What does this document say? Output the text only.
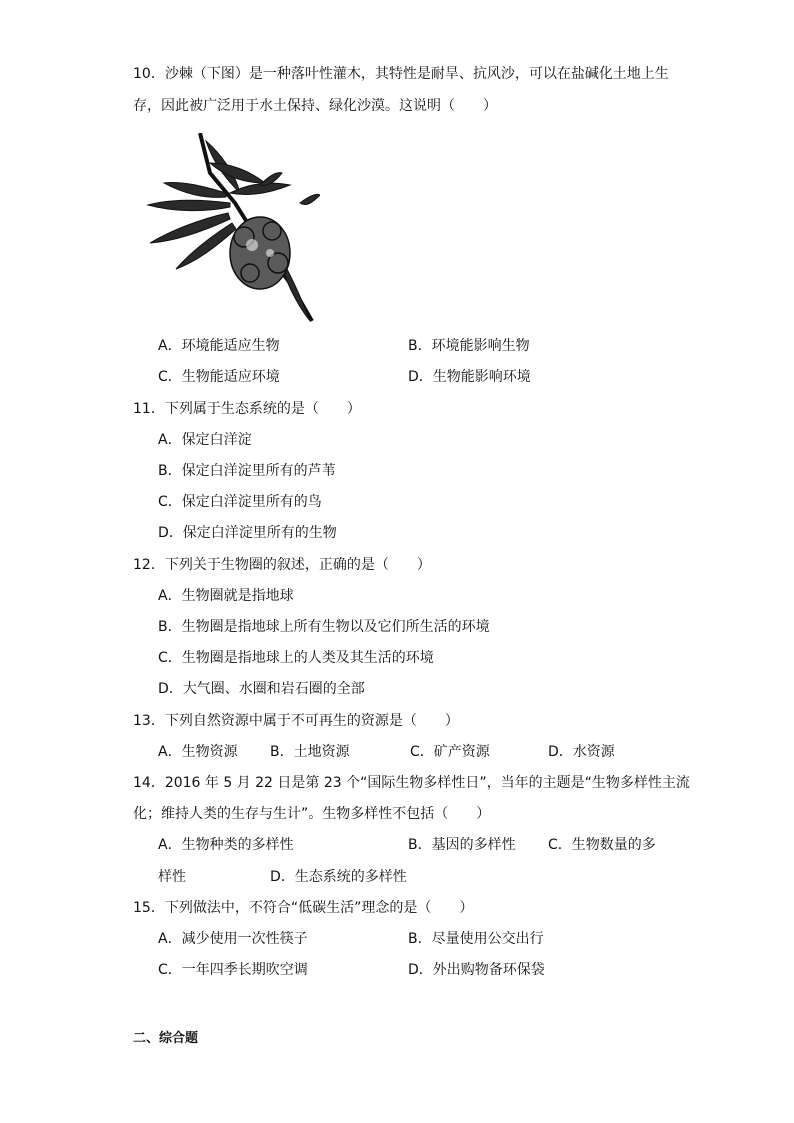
10．沙棘（下图）是一种落叶性灌木，其特性是耐旱、抗风沙，可以在盐碱化土地上生
存，因此被广泛用于水土保持、绿化沙漠。这说明（　　）
A．环境能适应生物	B．环境能影响生物
C．生物能适应环境	D．生物能影响环境
11．下列属于生态系统的是（　　）
A．保定白洋淀
B．保定白洋淀里所有的芦苇
C．保定白洋淀里所有的鸟
D．保定白洋淀里所有的生物
12．下列关于生物圈的叙述，正确的是（　　）
A．生物圈就是指地球
B．生物圈是指地球上所有生物以及它们所生活的环境
C．生物圈是指地球上的人类及其生活的环境
D．大气圈、水圈和岩石圈的全部
13．下列自然资源中属于不可再生的资源是（　　）
A．生物资源 B．土地资源	C．矿产资源	D．水资源
14．2016 年 5 月 22 日是第 23 个“国际生物多样性日”，当年的主题是“生物多样性主流
化；维持人类的生存与生计”。生物多样性不包括（　　）
A．生物种类的多样性	B．基因的多样性 C．生物数量的多
样性	D．生态系统的多样性
15．下列做法中，不符合“低碳生活”理念的是（　　）
A．减少使用一次性筷子	B．尽量使用公交出行
C．一年四季长期吹空调	D．外出购物备环保袋
二、综合题
